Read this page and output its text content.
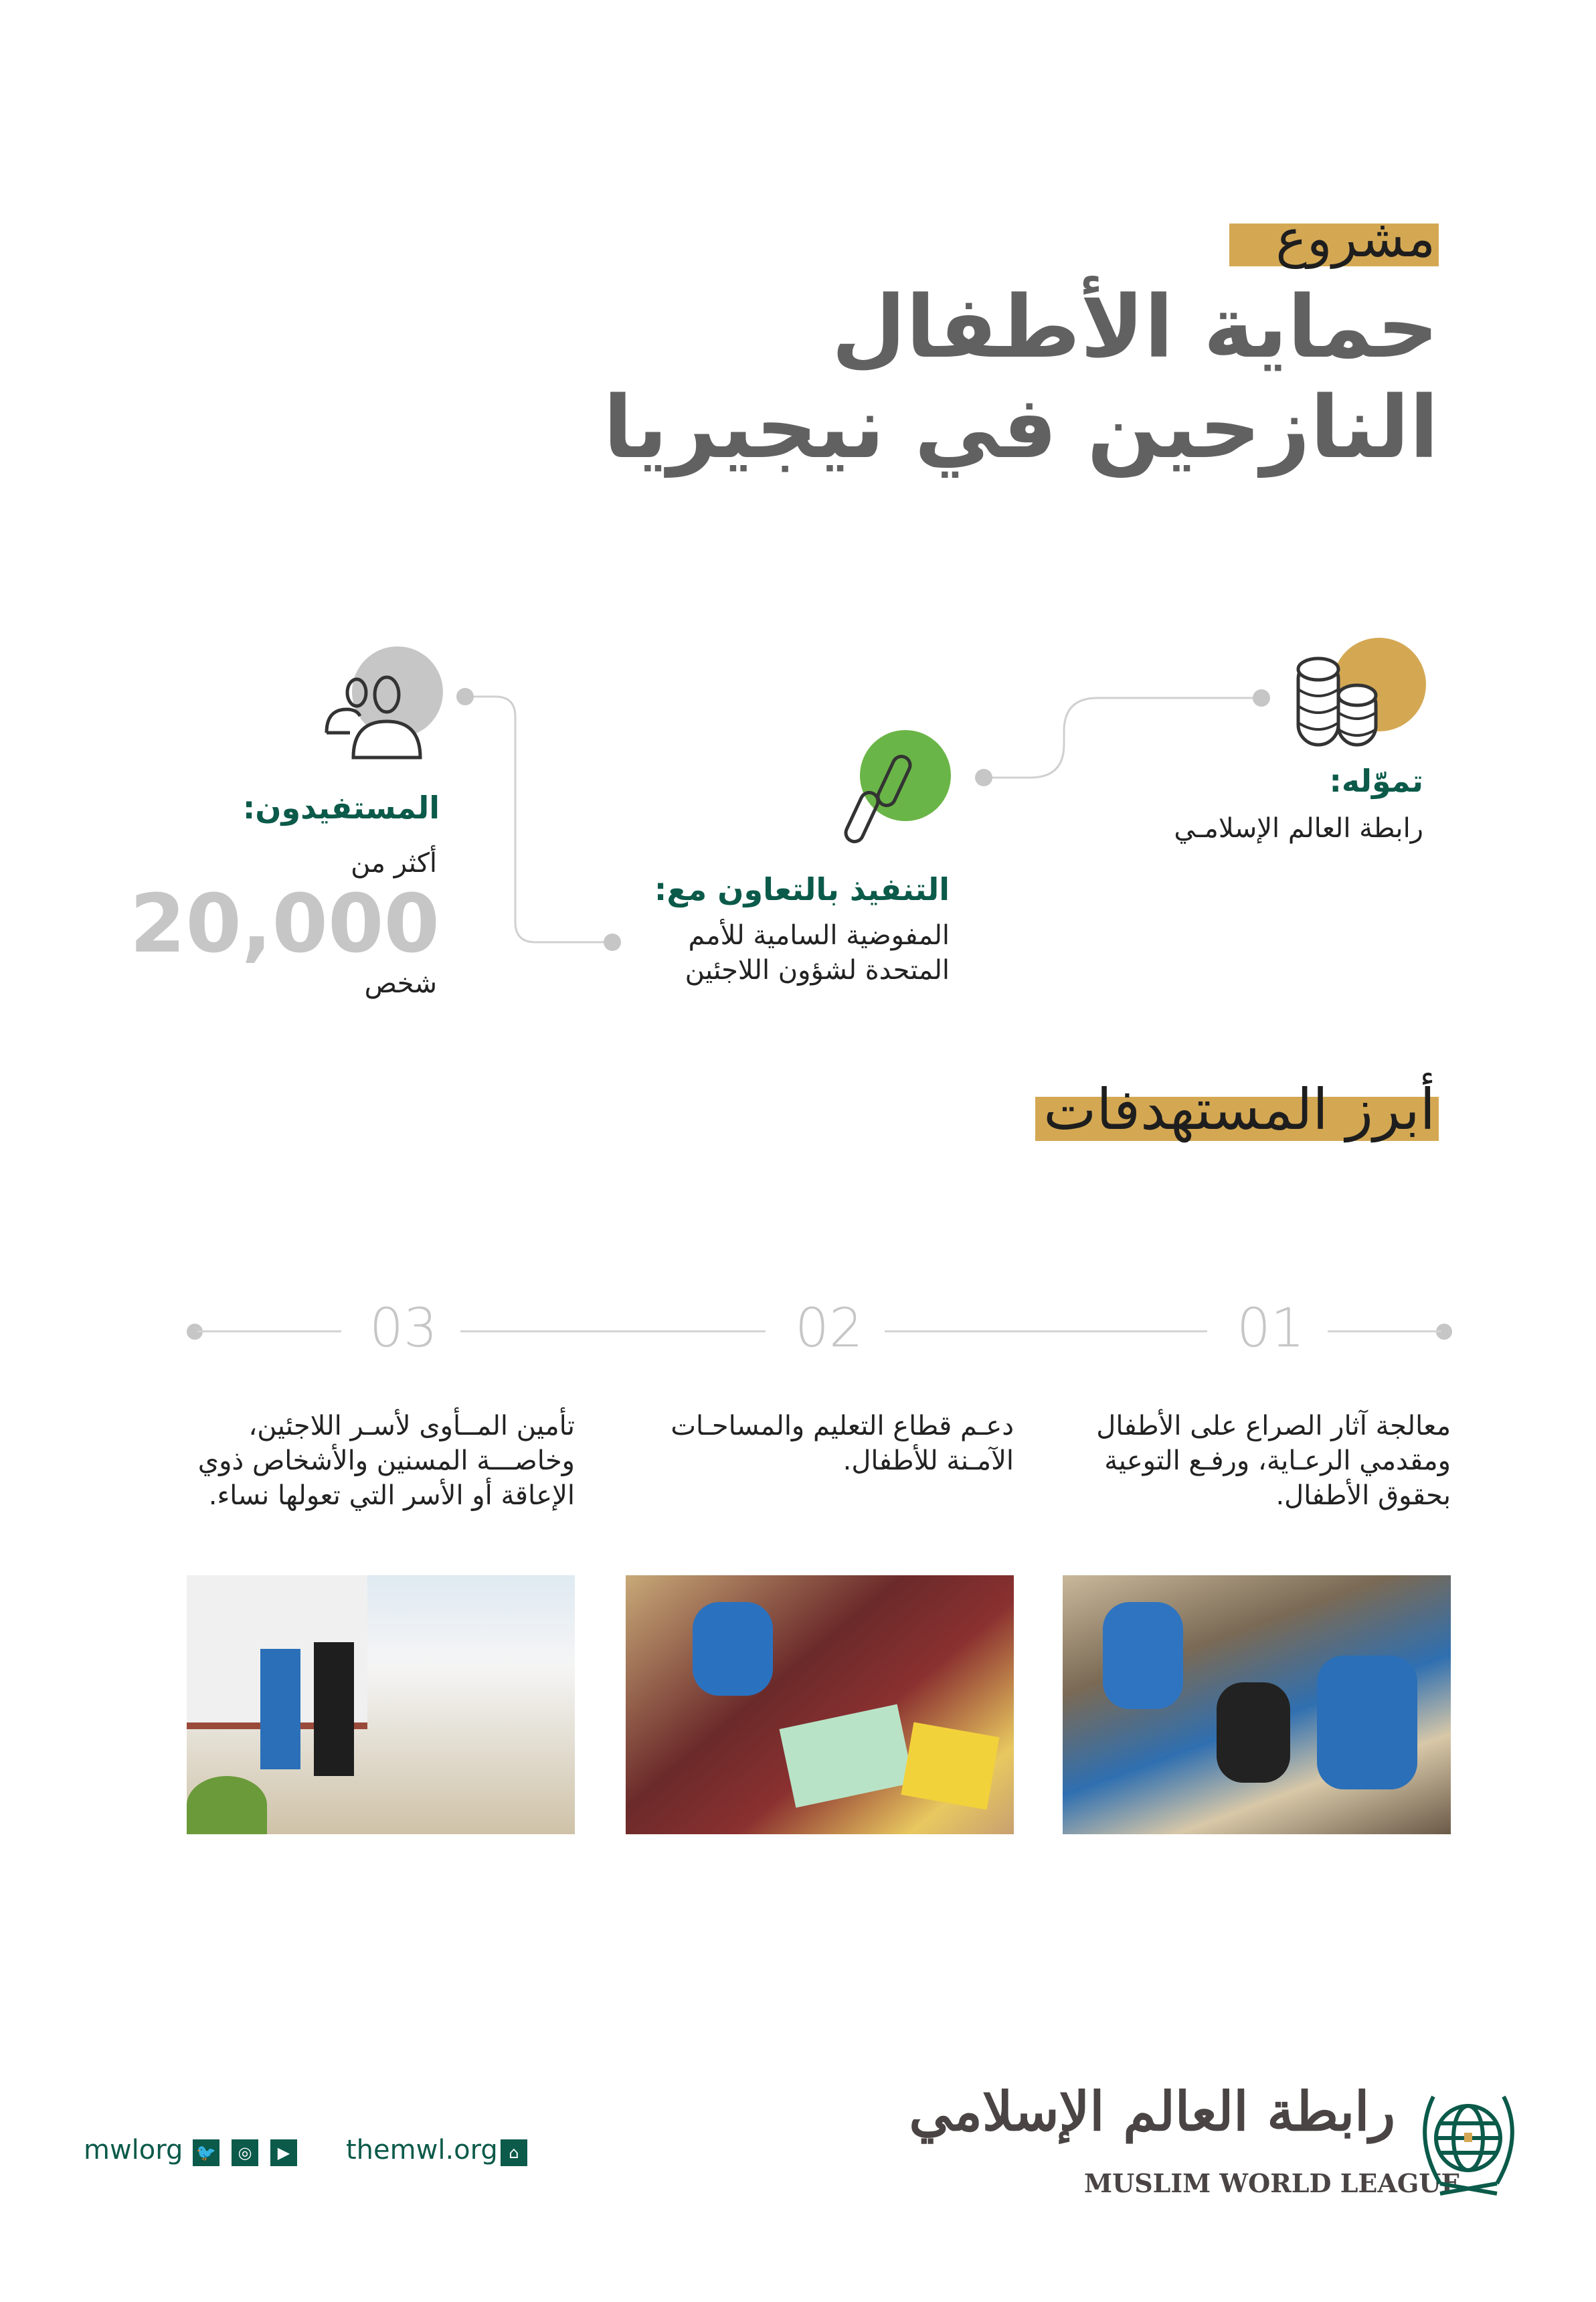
مشروع
حماية الأطفال
النازحين في نيجيريا
تموّله:
رابطة العالم الإسلامـي
التنفيذ بالتعاون مع:
المفوضية السامية للأمم
المتحدة لشؤون اللاجئين
المستفيدون:
أكثر من
20,000
شخص
أبرز المستهدفات
01
02
03
معالجة آثار الصراع على الأطفال ومقدمي الرعـاية، ورفـع التوعية بحقوق الأطفال.
دعـم قطاع التعليم والمساحـات الآمـنة للأطفال.
تأمين المــأوى لأسـر اللاجئين، وخاصـــة المسنين والأشخاص ذوي الإعاقة أو الأسر التي تعولها نساء.
mwlorg 🐦	◎	▶ themwl.org ⌂
رابطة العالم الإسلامي
MUSLIM WORLD LEAGUE
